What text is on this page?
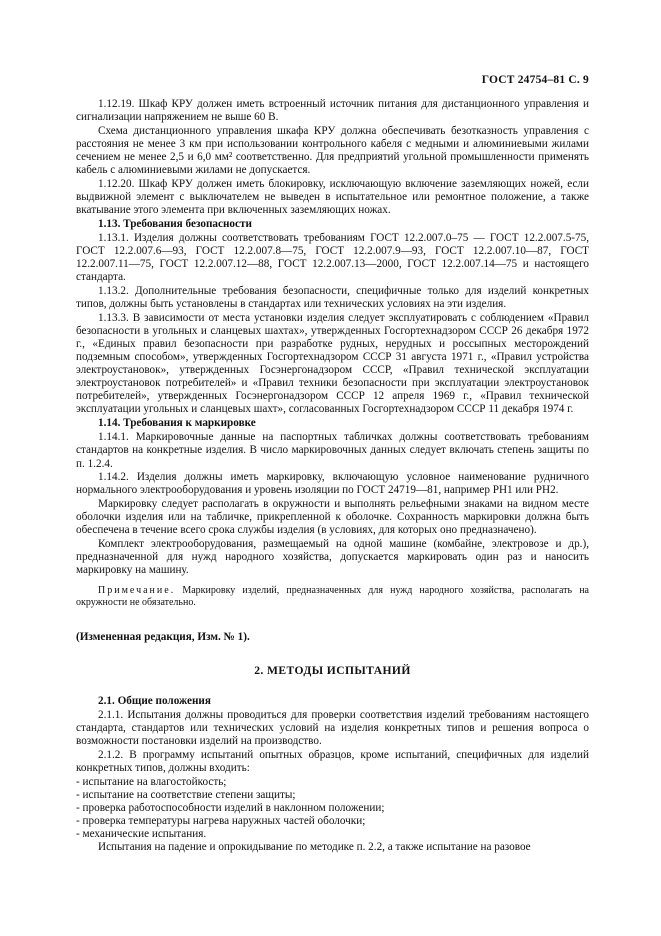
ГОСТ 24754–81 С. 9

1.12.19. Шкаф КРУ должен иметь встроенный источник питания для дистанционного управления и сигнализации напряжением не выше 60 В.

Схема дистанционного управления шкафа КРУ должна обеспечивать безотказность управления с расстояния не менее 3 км при использовании контрольного кабеля с медными и алюминиевыми жилами сечением не менее 2,5 и 6,0 мм² соответственно. Для предприятий угольной промышленности применять кабель с алюминиевыми жилами не допускается.

1.12.20. Шкаф КРУ должен иметь блокировку, исключающую включение заземляющих ножей, если выдвижной элемент с выключателем не выведен в испытательное или ремонтное положение, а также вкатывание этого элемента при включенных заземляющих ножах.

1.13. Требования безопасности

1.13.1. Изделия должны соответствовать требованиям ГОСТ 12.2.007.0–75 — ГОСТ 12.2.007.5-75, ГОСТ 12.2.007.6—93, ГОСТ 12.2.007.8—75, ГОСТ 12.2.007.9—93, ГОСТ 12.2.007.10—87, ГОСТ 12.2.007.11—75, ГОСТ 12.2.007.12—88, ГОСТ 12.2.007.13—2000, ГОСТ 12.2.007.14—75 и настоящего стандарта.

1.13.2. Дополнительные требования безопасности, специфичные только для изделий конкретных типов, должны быть установлены в стандартах или технических условиях на эти изделия.

1.13.3. В зависимости от места установки изделия следует эксплуатировать с соблюдением «Правил безопасности в угольных и сланцевых шахтах», утвержденных Госгортехнадзором СССР 26 декабря 1972 г., «Единых правил безопасности при разработке рудных, нерудных и россыпных месторождений подземным способом», утвержденных Госгортехнадзором СССР 31 августа 1971 г., «Правил устройства электроустановок», утвержденных Госэнергонадзором СССР, «Правил технической эксплуатации электроустановок потребителей» и «Правил техники безопасности при эксплуатации электроустановок потребителей», утвержденных Госэнергонадзором СССР 12 апреля 1969 г., «Правил технической эксплуатации угольных и сланцевых шахт», согласованных Госгортехнадзором СССР 11 декабря 1974 г.

1.14. Требования к маркировке

1.14.1. Маркировочные данные на паспортных табличках должны соответствовать требованиям стандартов на конкретные изделия. В число маркировочных данных следует включать степень защиты по п. 1.2.4.

1.14.2. Изделия должны иметь маркировку, включающую условное наименование рудничного нормального электрооборудования и уровень изоляции по ГОСТ 24719—81, например РН1 или РН2.

Маркировку следует располагать в окружности и выполнять рельефными знаками на видном месте оболочки изделия или на табличке, прикрепленной к оболочке. Сохранность маркировки должна быть обеспечена в течение всего срока службы изделия (в условиях, для которых оно предназначено).

Комплект электрооборудования, размещаемый на одной машине (комбайне, электровозе и др.), предназначенной для нужд народного хозяйства, допускается маркировать один раз и наносить маркировку на машину.

Примечание. Маркировку изделий, предназначенных для нужд народного хозяйства, располагать на окружности не обязательно.

(Измененная редакция, Изм. № 1).

2. МЕТОДЫ ИСПЫТАНИЙ

2.1. Общие положения

2.1.1. Испытания должны проводиться для проверки соответствия изделий требованиям настоящего стандарта, стандартов или технических условий на изделия конкретных типов и решения вопроса о возможности постановки изделий на производство.

2.1.2. В программу испытаний опытных образцов, кроме испытаний, специфичных для изделий конкретных типов, должны входить:

- испытание на влагостойкость;
- испытание на соответствие степени защиты;
- проверка работоспособности изделий в наклонном положении;
- проверка температуры нагрева наружных частей оболочки;
- механические испытания.

Испытания на падение и опрокидывание по методике п. 2.2, а также испытание на разовое
